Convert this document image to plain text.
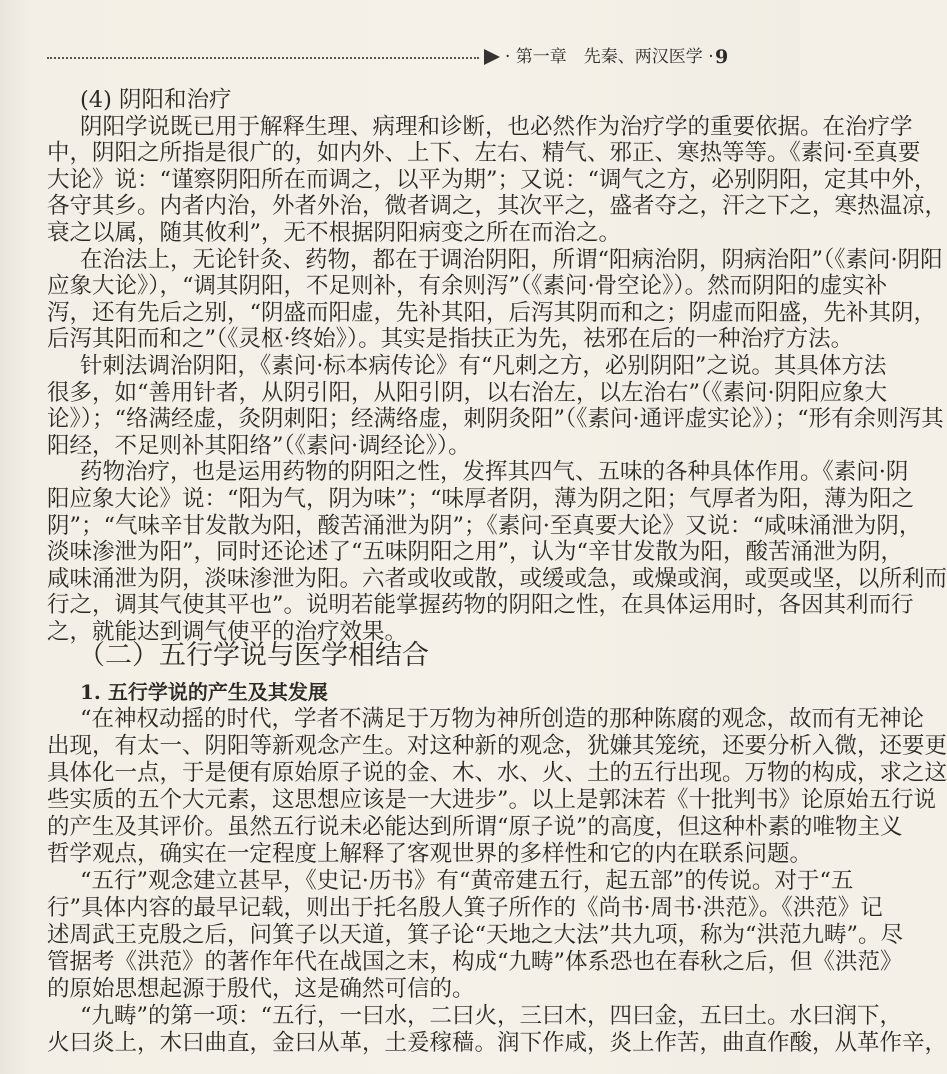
· 第一章　先秦、两汉医学 · 9
(4) 阴阳和治疗
阴阳学说既已用于解释生理、病理和诊断，也必然作为治疗学的重要依据。在治疗学
中，阴阳之所指是很广的，如内外、上下、左右、精气、邪正、寒热等等。《素问·至真要
大论》说：“谨察阴阳所在而调之，以平为期”；又说：“调气之方，必别阴阳，定其中外，
各守其乡。内者内治，外者外治，微者调之，其次平之，盛者夺之，汗之下之，寒热温凉，
衰之以属，随其攸利”，无不根据阴阳病变之所在而治之。
在治法上，无论针灸、药物，都在于调治阴阳，所谓“阳病治阴，阴病治阳”（《素问·阴阳
应象大论》），“调其阴阳，不足则补，有余则泻”（《素问·骨空论》）。然而阴阳的虚实补
泻，还有先后之别，“阴盛而阳虚，先补其阳，后泻其阴而和之；阴虚而阳盛，先补其阴，
后泻其阳而和之”（《灵枢·终始》）。其实是指扶正为先，祛邪在后的一种治疗方法。
针刺法调治阴阳，《素问·标本病传论》有“凡刺之方，必别阴阳”之说。其具体方法
很多，如“善用针者，从阴引阳，从阳引阴，以右治左，以左治右”（《素问·阴阳应象大
论》）；“络满经虚，灸阴刺阳；经满络虚，刺阴灸阳”（《素问·通评虚实论》）；“形有余则泻其
阳经，不足则补其阳络”（《素问·调经论》）。
药物治疗，也是运用药物的阴阳之性，发挥其四气、五味的各种具体作用。《素问·阴
阳应象大论》说：“阳为气，阴为味”；“味厚者阴，薄为阴之阳；气厚者为阳，薄为阳之
阴”；“气味辛甘发散为阳，酸苦涌泄为阴”；《素问·至真要大论》又说：“咸味涌泄为阴，
淡味渗泄为阳”，同时还论述了“五味阴阳之用”，认为“辛甘发散为阳，酸苦涌泄为阴，
咸味涌泄为阴，淡味渗泄为阳。六者或收或散，或缓或急，或燥或润，或耎或坚，以所利而
行之，调其气使其平也”。说明若能掌握药物的阴阳之性，在具体运用时，各因其利而行
之，就能达到调气使平的治疗效果。
（二）五行学说与医学相结合
1. 五行学说的产生及其发展
“在神权动摇的时代，学者不满足于万物为神所创造的那种陈腐的观念，故而有无神论
出现，有太一、阴阳等新观念产生。对这种新的观念，犹嫌其笼统，还要分析入微，还要更
具体化一点，于是便有原始原子说的金、木、水、火、土的五行出现。万物的构成，求之这
些实质的五个大元素，这思想应该是一大进步”。以上是郭沫若《十批判书》论原始五行说
的产生及其评价。虽然五行说未必能达到所谓“原子说”的高度，但这种朴素的唯物主义
哲学观点，确实在一定程度上解释了客观世界的多样性和它的内在联系问题。
“五行”观念建立甚早，《史记·历书》有“黄帝建五行，起五部”的传说。对于“五
行”具体内容的最早记载，则出于托名殷人箕子所作的《尚书·周书·洪范》。《洪范》记
述周武王克殷之后，问箕子以天道，箕子论“天地之大法”共九项，称为“洪范九畴”。尽
管据考《洪范》的著作年代在战国之末，构成“九畴”体系恐也在春秋之后，但《洪范》
的原始思想起源于殷代，这是确然可信的。
“九畴”的第一项：“五行，一曰水，二曰火，三曰木，四曰金，五曰土。水曰润下，
火曰炎上，木曰曲直，金曰从革，土爰稼穑。润下作咸，炎上作苦，曲直作酸，从革作辛，
